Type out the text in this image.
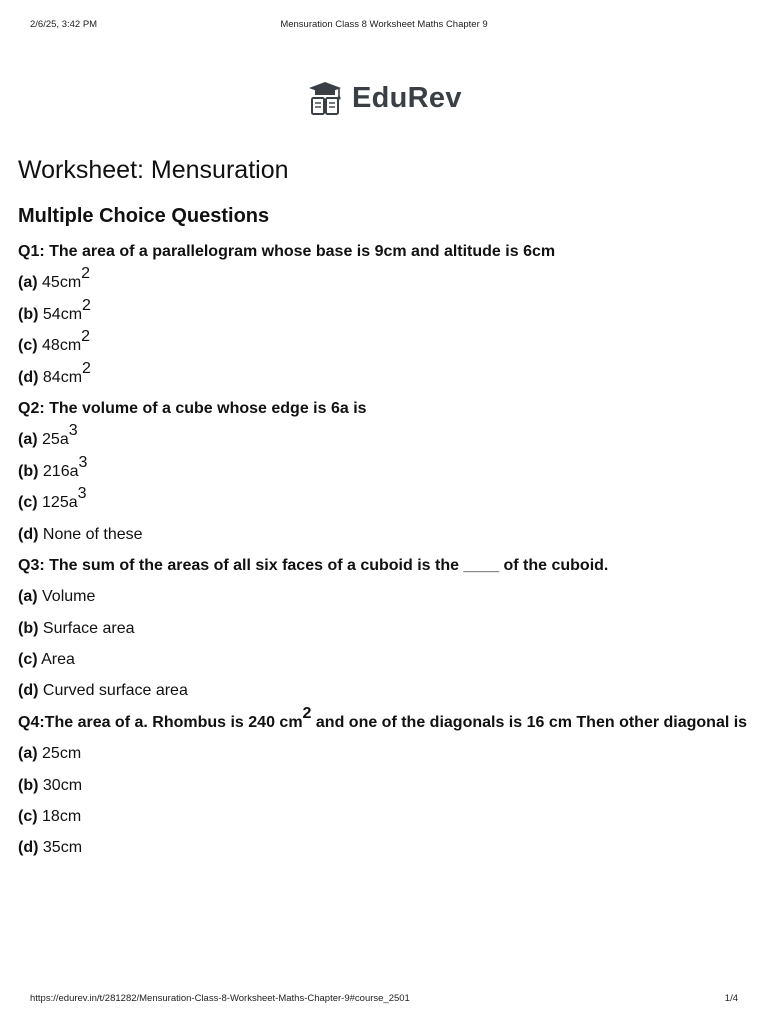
2/6/25, 3:42 PM	Mensuration Class 8 Worksheet Maths Chapter 9
EduRev
Worksheet: Mensuration
Multiple Choice Questions
Q1: The area of a parallelogram whose base is 9cm and altitude is 6cm
(a) $45cm^2$
(b) $54cm^2$
(c) $48cm^2$
(d) $84cm^2$
Q2: The volume of a cube whose edge is 6a is
(a) $25a^3$
(b) $216a^3$
(c) $125a^3$
(d) None of these
Q3: The sum of the areas of all six faces of a cuboid is the ____ of the cuboid.
(a) Volume
(b) Surface area
(c) Area
(d) Curved surface area
Q4:The area of a. Rhombus is 240 $cm^2$ and one of the diagonals is 16 cm Then other diagonal is
(a) 25cm
(b) 30cm
(c) 18cm
(d) 35cm
https://edurev.in/t/281282/Mensuration-Class-8-Worksheet-Maths-Chapter-9#course_2501	1/4
